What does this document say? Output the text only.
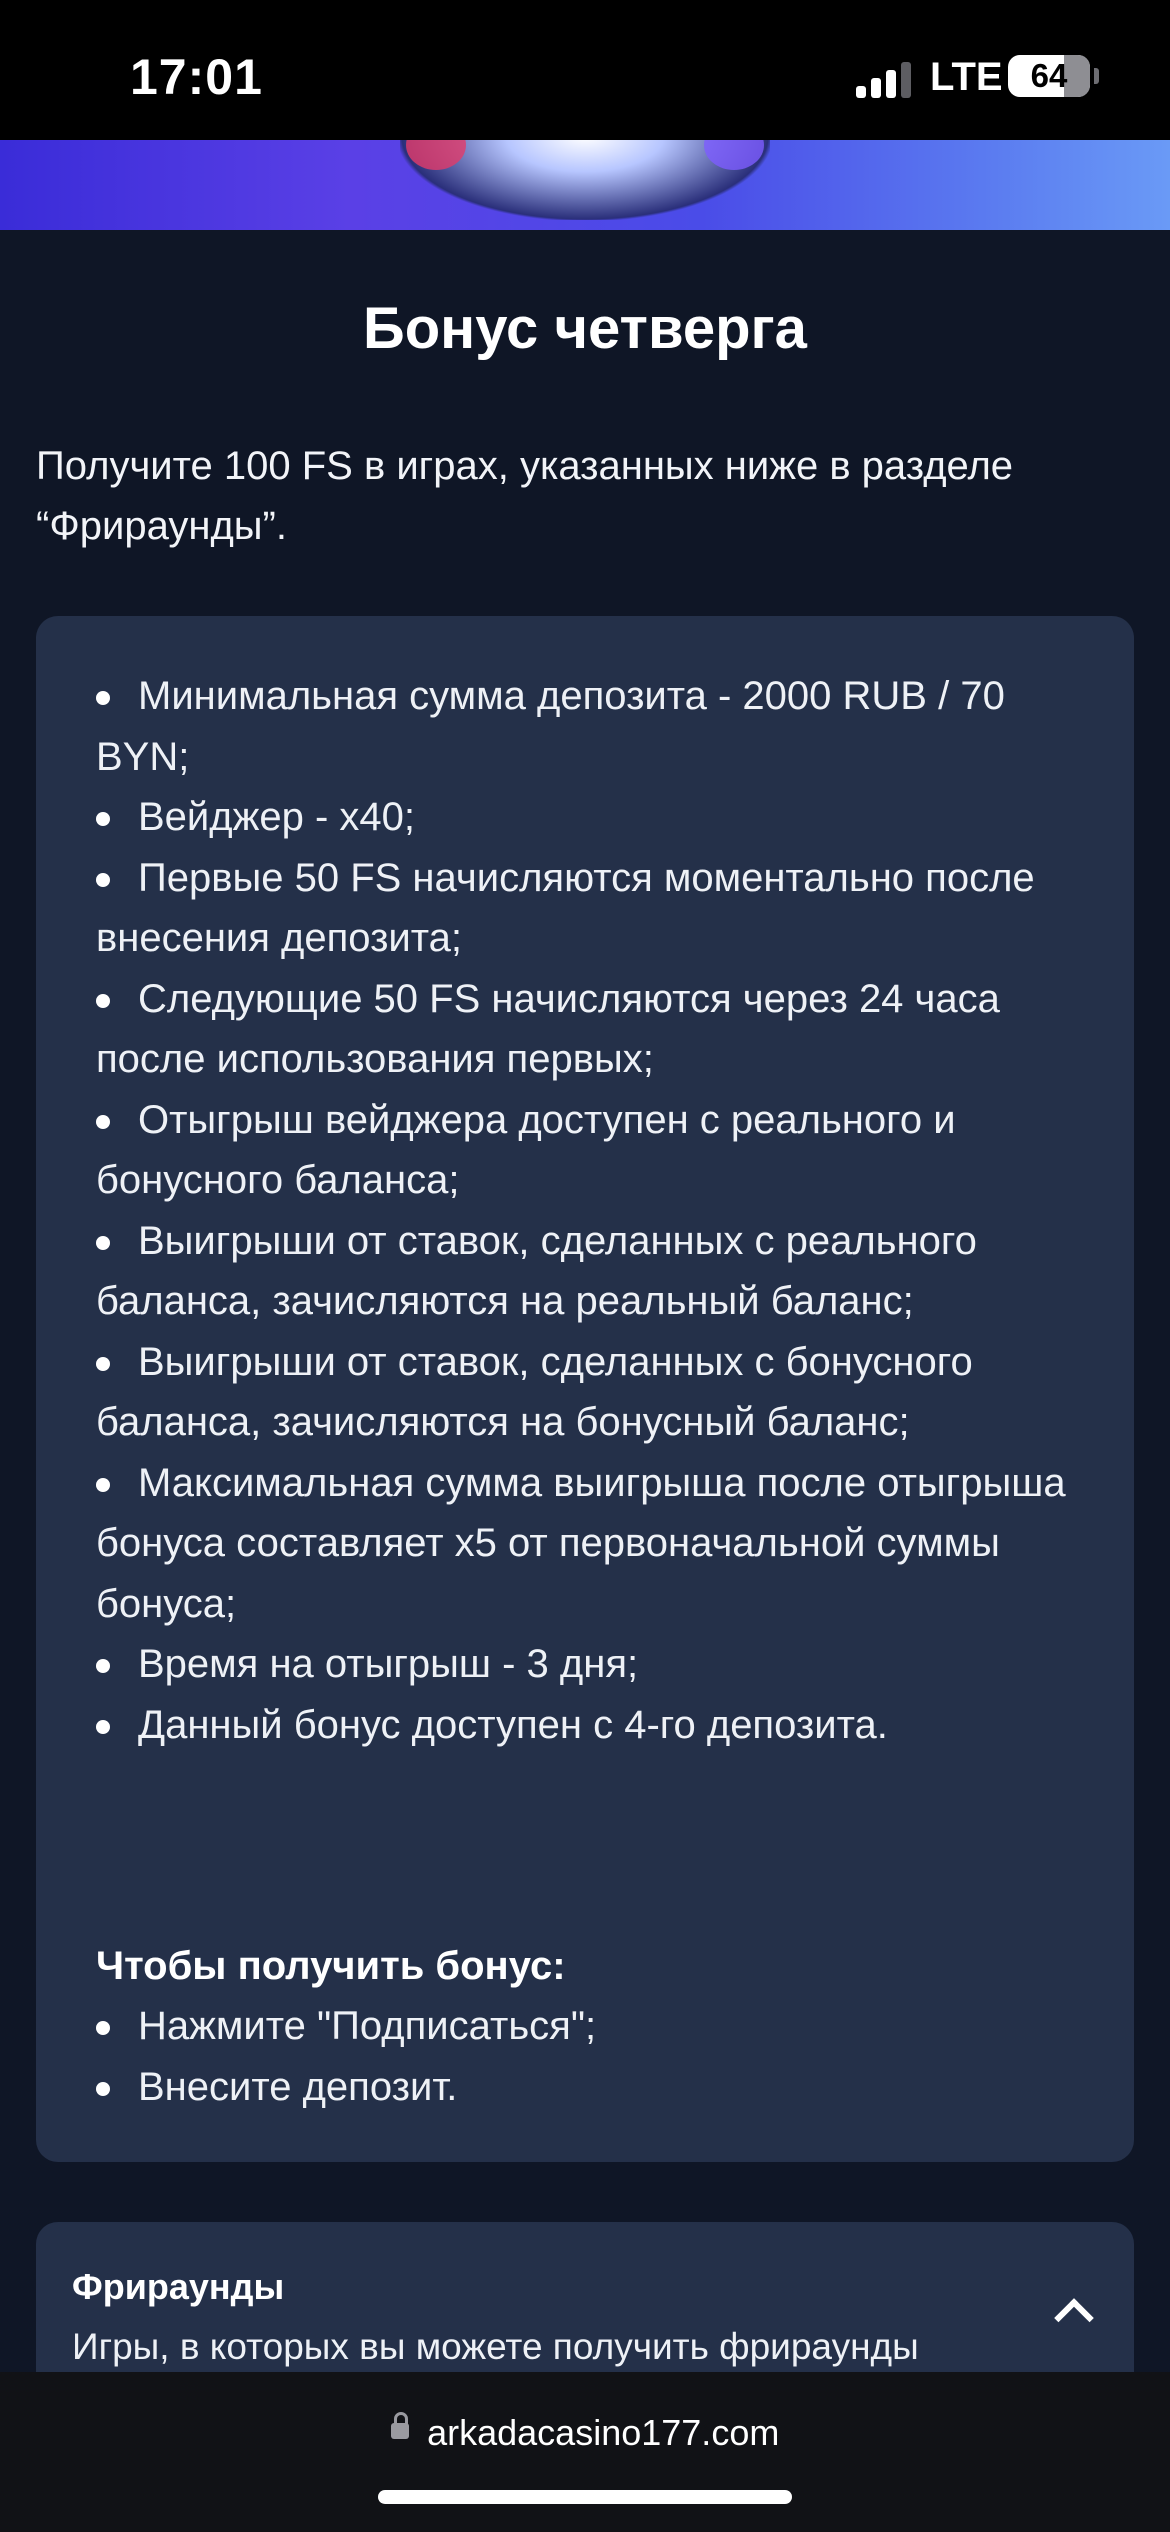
17:01	LTE 64
Бонус четверга
Получите 100 FS в играх, указанных ниже в разделе “Фрираунды”.
Минимальная сумма депозита - 2000 RUB / 70 BYN;
Вейджер - x40;
Первые 50 FS начисляются моментально после внесения депозита;
Следующие 50 FS начисляются через 24 часа после использования первых;
Отыгрыш вейджера доступен с реального и бонусного баланса;
Выигрыши от ставок, сделанных с реального баланса, зачисляются на реальный баланс;
Выигрыши от ставок, сделанных с бонусного баланса, зачисляются на бонусный баланс;
Максимальная сумма выигрыша после отыгрыша бонуса составляет x5 от первоначальной суммы бонуса;
Время на отыгрыш - 3 дня;
Данный бонус доступен с 4-го депозита.
Чтобы получить бонус:
Нажмите "Подписаться";
Внесите депозит.
Фрираунды
Игры, в которых вы можете получить фрираунды
arkadacasino177.com
